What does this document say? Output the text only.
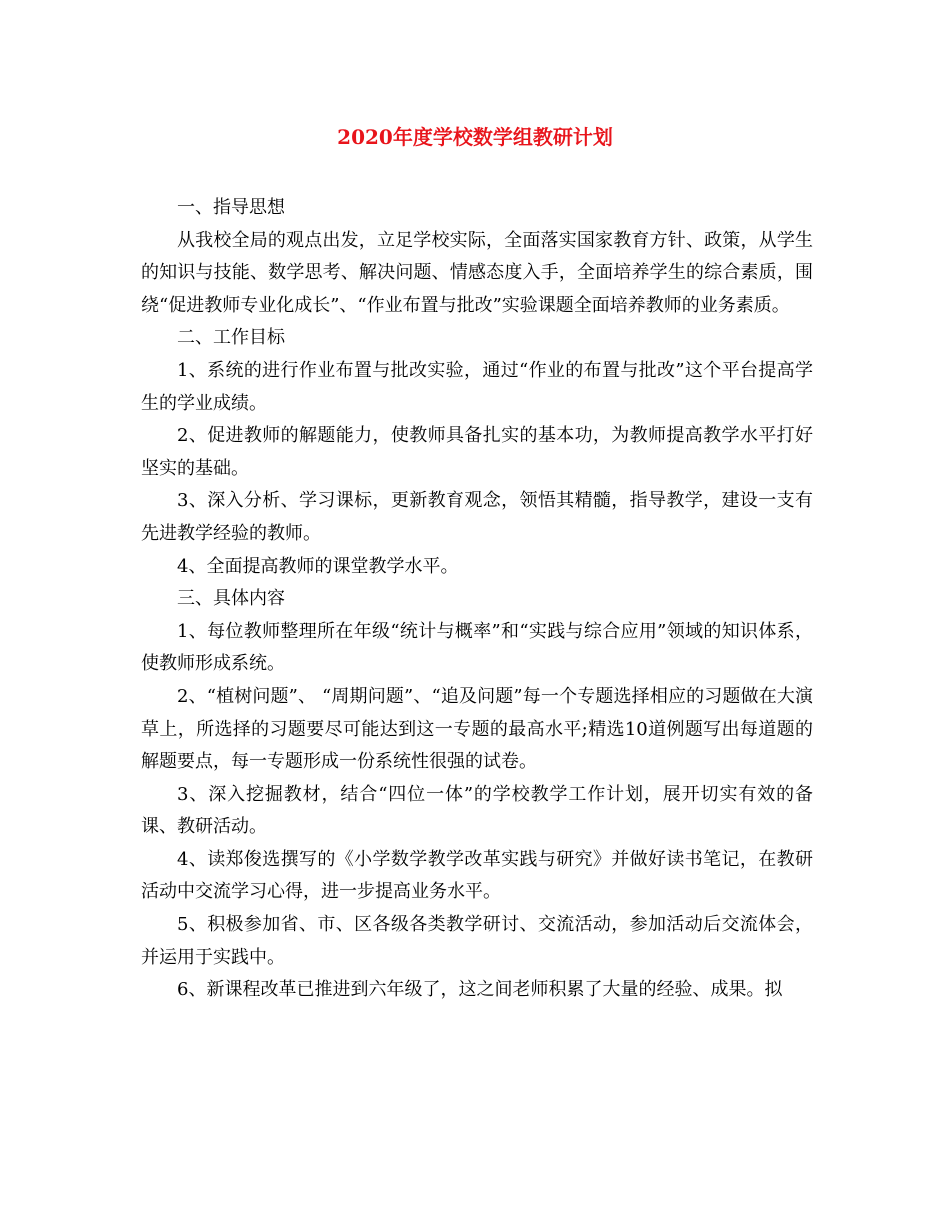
2020年度学校数学组教研计划

一、指导思想

从我校全局的观点出发，立足学校实际，全面落实国家教育方针、政策，从学生的知识与技能、数学思考、解决问题、情感态度入手，全面培养学生的综合素质，围绕“促进教师专业化成长”、“作业布置与批改”实验课题全面培养教师的业务素质。

二、工作目标

1、系统的进行作业布置与批改实验，通过“作业的布置与批改”这个平台提高学生的学业成绩。

2、促进教师的解题能力，使教师具备扎实的基本功，为教师提高教学水平打好坚实的基础。

3、深入分析、学习课标，更新教育观念，领悟其精髓，指导教学，建设一支有先进教学经验的教师。

4、全面提高教师的课堂教学水平。

三、具体内容

1、每位教师整理所在年级“统计与概率”和“实践与综合应用”领域的知识体系，使教师形成系统。

2、“植树问题”、 “周期问题”、“追及问题”每一个专题选择相应的习题做在大演草上，所选择的习题要尽可能达到这一专题的最高水平;精选10道例题写出每道题的解题要点，每一专题形成一份系统性很强的试卷。

3、深入挖掘教材，结合“四位一体”的学校教学工作计划，展开切实有效的备课、教研活动。

4、读郑俊选撰写的《小学数学教学改革实践与研究》并做好读书笔记，在教研活动中交流学习心得，进一步提高业务水平。

5、积极参加省、市、区各级各类教学研讨、交流活动，参加活动后交流体会，并运用于实践中。

6、新课程改革已推进到六年级了，这之间老师积累了大量的经验、成果。拟
